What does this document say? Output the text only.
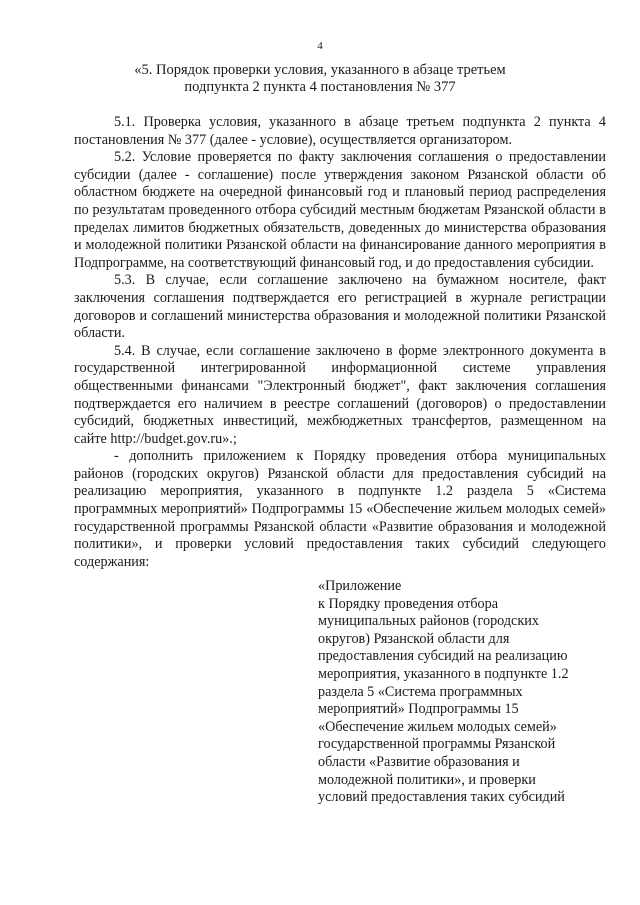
4
«5. Порядок проверки условия, указанного в абзаце третьем
подпункта 2 пункта 4 постановления № 377

5.1. Проверка условия, указанного в абзаце третьем подпункта 2 пункта 4 постановления № 377 (далее - условие), осуществляется организатором.

5.2. Условие проверяется по факту заключения соглашения о предоставлении субсидии (далее - соглашение) после утверждения законом Рязанской области об областном бюджете на очередной финансовый год и плановый период распределения по результатам проведенного отбора субсидий местным бюджетам Рязанской области в пределах лимитов бюджетных обязательств, доведенных до министерства образования и молодежной политики Рязанской области на финансирование данного мероприятия в Подпрограмме, на соответствующий финансовый год, и до предоставления субсидии.

5.3. В случае, если соглашение заключено на бумажном носителе, факт заключения соглашения подтверждается его регистрацией в журнале регистрации договоров и соглашений министерства образования и молодежной политики Рязанской области.

5.4. В случае, если соглашение заключено в форме электронного документа в государственной интегрированной информационной системе управления общественными финансами "Электронный бюджет", факт заключения соглашения подтверждается его наличием в реестре соглашений (договоров) о предоставлении субсидий, бюджетных инвестиций, межбюджетных трансфертов, размещенном на сайте http://budget.gov.ru».;

- дополнить приложением к Порядку проведения отбора муниципальных районов (городских округов) Рязанской области для предоставления субсидий на реализацию мероприятия, указанного в подпункте 1.2 раздела 5 «Система программных мероприятий» Подпрограммы 15 «Обеспечение жильем молодых семей» государственной программы Рязанской области «Развитие образования и молодежной политики», и проверки условий предоставления таких субсидий следующего содержания:

«Приложение
к Порядку проведения отбора
муниципальных районов (городских
округов) Рязанской области для
предоставления субсидий на реализацию
мероприятия, указанного в подпункте 1.2
раздела 5 «Система программных
мероприятий» Подпрограммы 15
«Обеспечение жильем молодых семей»
государственной программы Рязанской
области «Развитие образования и
молодежной политики», и проверки
условий предоставления таких субсидий
